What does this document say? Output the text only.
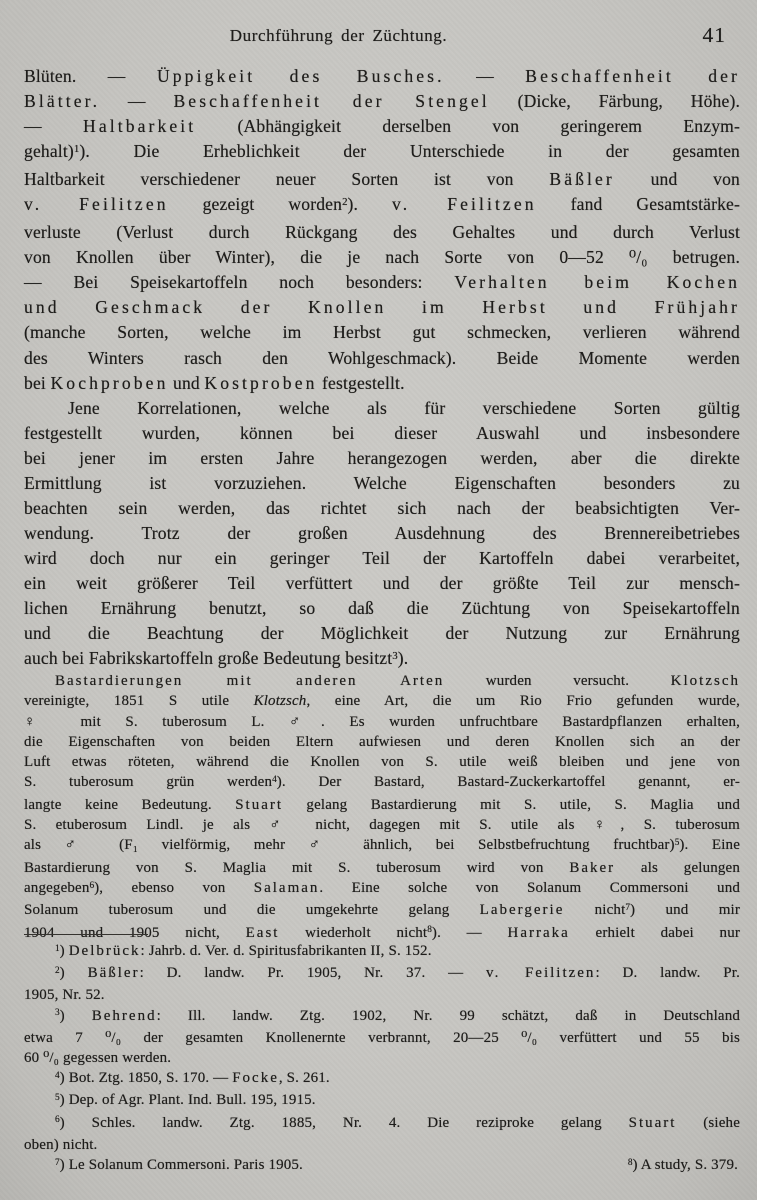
Durchführung der Züchtung.	41
Blüten. — Üppigkeit des Busches. — Beschaffenheit der
Blätter. — Beschaffenheit der Stengel (Dicke, Färbung, Höhe).
— Haltbarkeit (Abhängigkeit derselben von geringerem Enzym-
gehalt)$^1$). Die Erheblichkeit der Unterschiede in der gesamten
Haltbarkeit verschiedener neuer Sorten ist von Bäßler und von
v. Feilitzen gezeigt worden$^2$). v. Feilitzen fand Gesamtstärke-
verluste (Verlust durch Rückgang des Gehaltes und durch Verlust
von Knollen über Winter), die je nach Sorte von 0—52 ⁰/₀ betrugen.
— Bei Speisekartoffeln noch besonders: Verhalten beim Kochen
und Geschmack der Knollen im Herbst und Frühjahr
(manche Sorten, welche im Herbst gut schmecken, verlieren während
des Winters rasch den Wohlgeschmack). Beide Momente werden
bei Kochproben und Kostproben festgestellt.
Jene Korrelationen, welche als für verschiedene Sorten gültig
festgestellt wurden, können bei dieser Auswahl und insbesondere
bei jener im ersten Jahre herangezogen werden, aber die direkte
Ermittlung ist vorzuziehen. Welche Eigenschaften besonders zu
beachten sein werden, das richtet sich nach der beabsichtigten Ver-
wendung. Trotz der großen Ausdehnung des Brennereibetriebes
wird doch nur ein geringer Teil der Kartoffeln dabei verarbeitet,
ein weit größerer Teil verfüttert und der größte Teil zur mensch-
lichen Ernährung benutzt, so daß die Züchtung von Speisekartoffeln
und die Beachtung der Möglichkeit der Nutzung zur Ernährung
auch bei Fabrikskartoffeln große Bedeutung besitzt$^3$).
Bastardierungen mit anderen Arten wurden versucht. Klotzsch
vereinigte, 1851 S utile Klotzsch, eine Art, die um Rio Frio gefunden wurde,
♀ mit S. tuberosum L. ♂. Es wurden unfruchtbare Bastardpflanzen erhalten,
die Eigenschaften von beiden Eltern aufwiesen und deren Knollen sich an der
Luft etwas röteten, während die Knollen von S. utile weiß bleiben und jene von
S. tuberosum grün werden$^4$). Der Bastard, Bastard-Zuckerkartoffel genannt, er-
langte keine Bedeutung. Stuart gelang Bastardierung mit S. utile, S. Maglia und
S. etuberosum Lindl. je als ♂ nicht, dagegen mit S. utile als ♀, S. tuberosum
als ♂ (F₁ vielförmig, mehr ♂ ähnlich, bei Selbstbefruchtung fruchtbar)$^5$). Eine
Bastardierung von S. Maglia mit S. tuberosum wird von Baker als gelungen
angegeben$^6$), ebenso von Salaman. Eine solche von Solanum Commersoni und
Solanum tuberosum und die umgekehrte gelang Labergerie nicht$^7$) und mir
1904 und 1905 nicht, East wiederholt nicht$^8$). — Harraka erhielt dabei nur
$^1$) Delbrück: Jahrb. d. Ver. d. Spiritusfabrikanten II, S. 152.
$^2$) Bäßler: D. landw. Pr. 1905, Nr. 37. — v. Feilitzen: D. landw. Pr.
1905, Nr. 52.
$^3$) Behrend: Ill. landw. Ztg. 1902, Nr. 99 schätzt, daß in Deutschland
etwa 7 ⁰/₀ der gesamten Knollenernte verbrannt, 20—25 ⁰/₀ verfüttert und 55 bis
60 ⁰/₀ gegessen werden.
$^4$) Bot. Ztg. 1850, S. 170. — Focke, S. 261.
$^5$) Dep. of Agr. Plant. Ind. Bull. 195, 1915.
$^6$) Schles. landw. Ztg. 1885, Nr. 4. Die reziproke gelang Stuart (siehe
oben) nicht.
$^7$) Le Solanum Commersoni. Paris 1905.	$^8$) A study, S. 379.
